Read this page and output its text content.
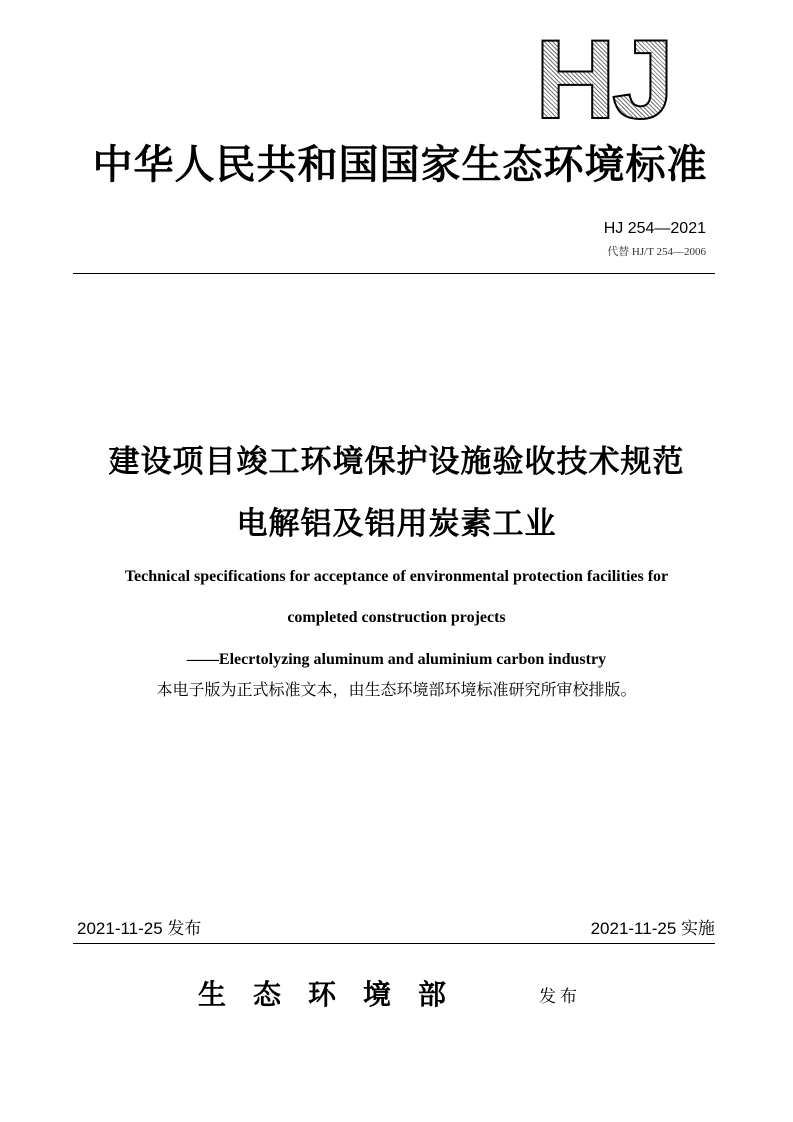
HJ
中华人民共和国国家生态环境标准
HJ 254—2021
代替 HJ/T 254—2006
建设项目竣工环境保护设施验收技术规范
电解铝及铝用炭素工业
Technical specifications for acceptance of environmental protection facilities for
completed construction projects
——Elecrtolyzing aluminum and aluminium carbon industry
本电子版为正式标准文本，由生态环境部环境标准研究所审校排版。
2021-11-25 发布	2021-11-25 实施
生态环境部	发布
